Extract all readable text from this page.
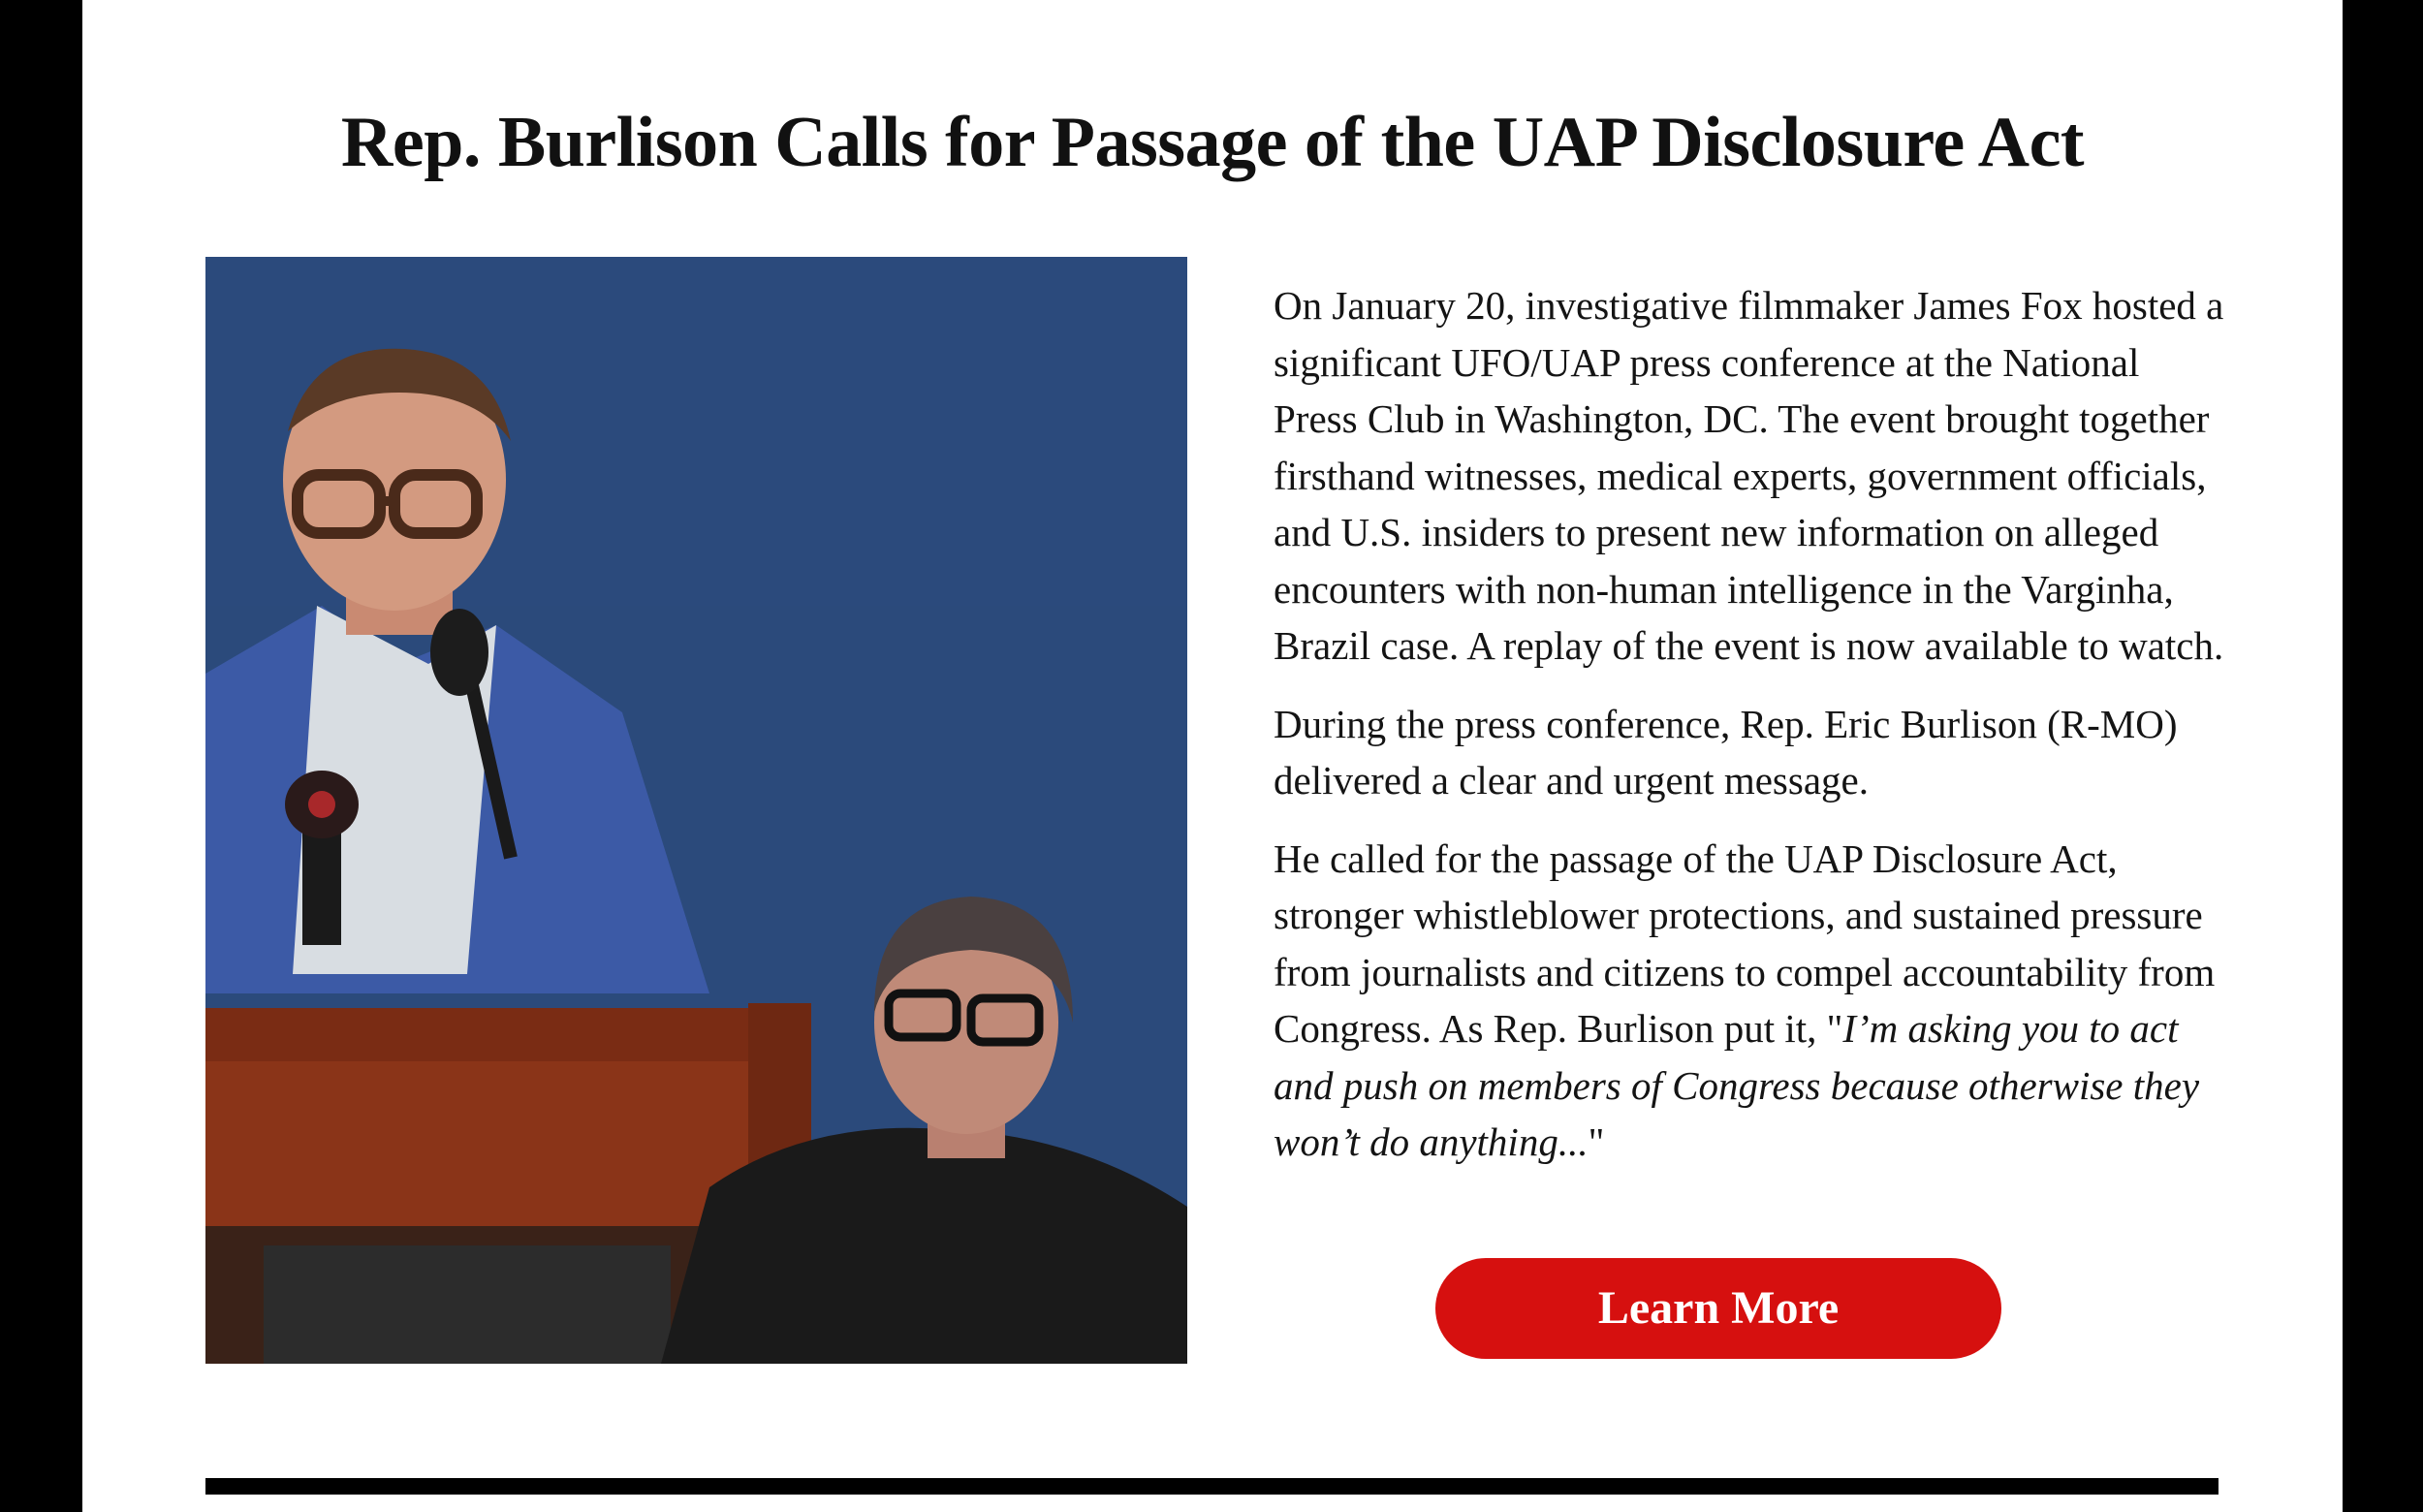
Rep. Burlison Calls for Passage of the UAP Disclosure Act

On January 20, investigative filmmaker James Fox hosted a significant UFO/UAP press conference at the National Press Club in Washington, DC. The event brought together firsthand witnesses, medical experts, government officials, and U.S. insiders to present new information on alleged encounters with non-human intelligence in the Varginha, Brazil case. A replay of the event is now available to watch.

During the press conference, Rep. Eric Burlison (R-MO) delivered a clear and urgent message.

He called for the passage of the UAP Disclosure Act, stronger whistleblower protections, and sustained pressure from journalists and citizens to compel accountability from Congress. As Rep. Burlison put it, "I’m asking you to act and push on members of Congress because otherwise they won’t do anything..."

Learn More
